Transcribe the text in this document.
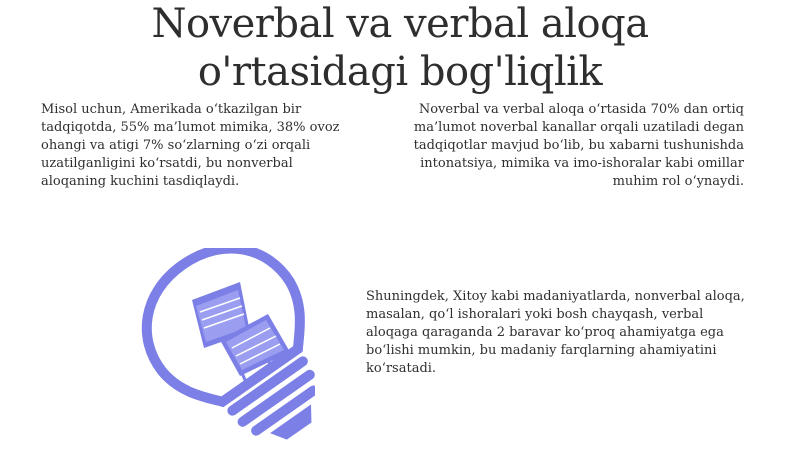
Noverbal va verbal aloqa
o'rtasidagi bog'liqlik

Misol uchun, Amerikada o‘tkazilgan bir tadqiqotda, 55% ma’lumot mimika, 38% ovoz ohangi va atigi 7% so‘zlarning o‘zi orqali uzatilganligini ko‘rsatdi, bu nonverbal aloqaning kuchini tasdiqlaydi.

Noverbal va verbal aloqa o‘rtasida 70% dan ortiq ma’lumot noverbal kanallar orqali uzatiladi degan tadqiqotlar mavjud bo‘lib, bu xabarni tushunishda intonatsiya, mimika va imo-ishoralar kabi omillar muhim rol o‘ynaydi.

Shuningdek, Xitoy kabi madaniyatlarda, nonverbal aloqa, masalan, qo‘l ishoralari yoki bosh chayqash, verbal aloqaga qaraganda 2 baravar ko‘proq ahamiyatga ega bo‘lishi mumkin, bu madaniy farqlarning ahamiyatini ko‘rsatadi.
